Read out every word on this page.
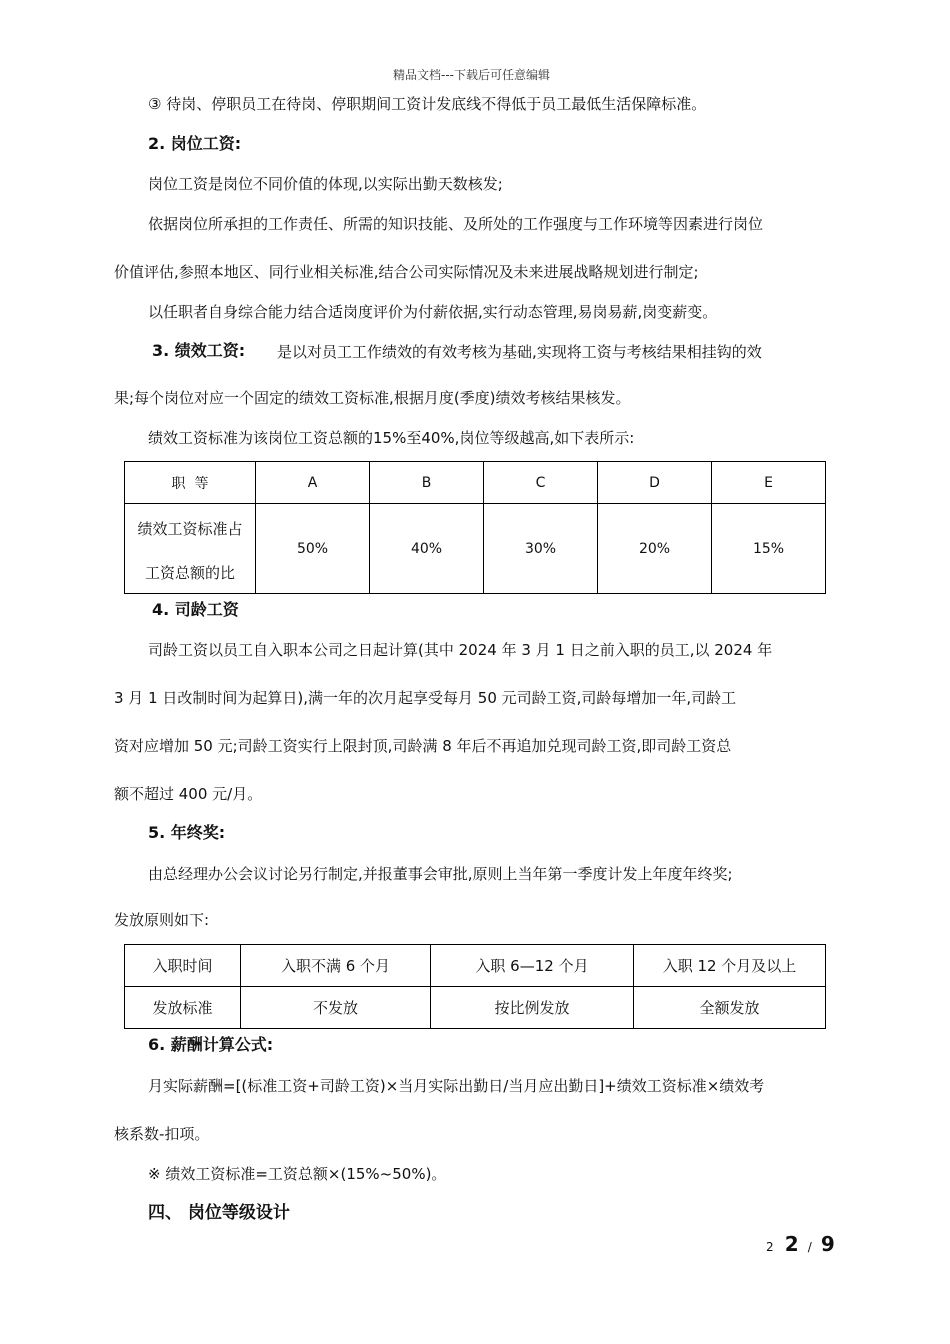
精品文档---下载后可任意编辑
③ 待岗、停职员工在待岗、停职期间工资计发底线不得低于员工最低生活保障标准。
2. 岗位工资:
岗位工资是岗位不同价值的体现,以实际出勤天数核发;
依据岗位所承担的工作责任、所需的知识技能、及所处的工作强度与工作环境等因素进行岗位
价值评估,参照本地区、同行业相关标准,结合公司实际情况及未来进展战略规划进行制定;
以任职者自身综合能力结合适岗度评价为付薪依据,实行动态管理,易岗易薪,岗变薪变。
3. 绩效工资: 是以对员工工作绩效的有效考核为基础,实现将工资与考核结果相挂钩的效
果;每个岗位对应一个固定的绩效工资标准,根据月度(季度)绩效考核结果核发。
绩效工资标准为该岗位工资总额的15%至40%,岗位等级越高,如下表所示:
职  等	A	B	C	D	E

绩效工资标准占
工资总额的比	50%	40%	30%	20%	15%
4. 司龄工资
司龄工资以员工自入职本公司之日起计算(其中 2024 年 3 月 1 日之前入职的员工,以 2024 年
3 月 1 日改制时间为起算日),满一年的次月起享受每月 50 元司龄工资,司龄每增加一年,司龄工
资对应增加 50 元;司龄工资实行上限封顶,司龄满 8 年后不再追加兑现司龄工资,即司龄工资总
额不超过 400 元/月。
5. 年终奖:
由总经理办公会议讨论另行制定,并报董事会审批,原则上当年第一季度计发上年度年终奖;
发放原则如下:
入职时间	入职不满 6 个月	入职 6—12 个月	入职 12 个月及以上
发放标准	不发放	按比例发放	全额发放
6. 薪酬计算公式:
月实际薪酬=[(标准工资+司龄工资)×当月实际出勤日/当月应出勤日]+绩效工资标准×绩效考
核系数-扣项。
※ 绩效工资标准=工资总额×(15%~50%)。
四、 岗位等级设计
2 2 / 9
